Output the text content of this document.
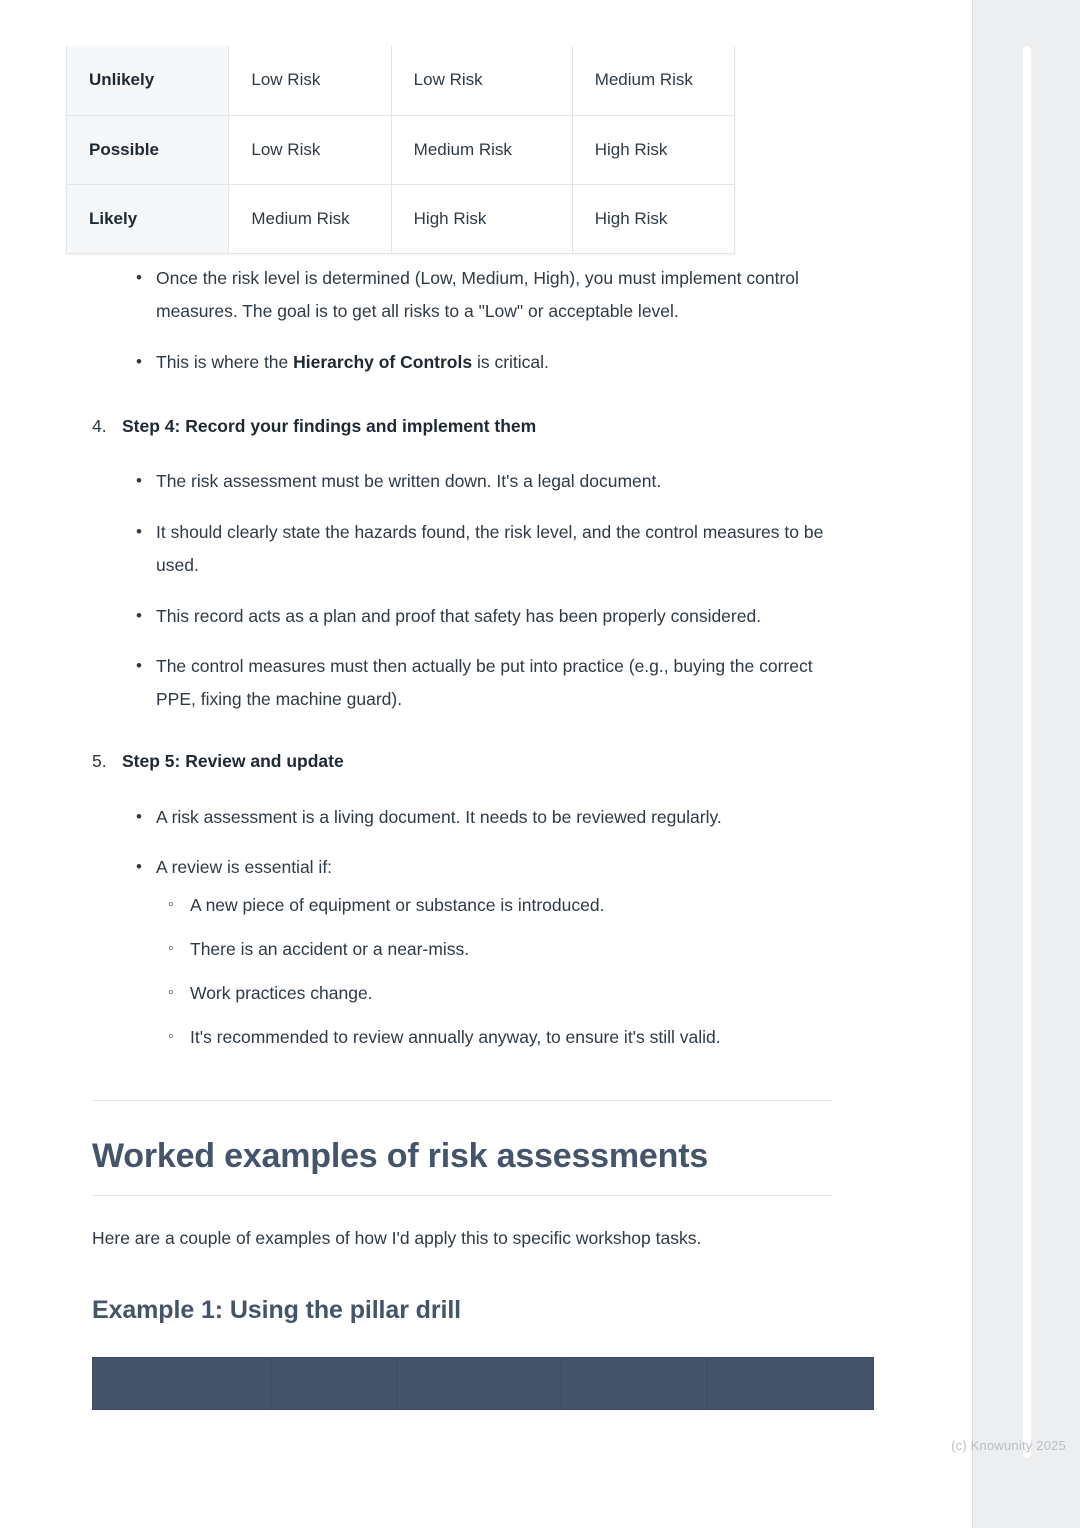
Unlikely	Low Risk	Low Risk	Medium Risk
Possible	Low Risk	Medium Risk	High Risk
Likely	Medium Risk	High Risk	High Risk
• Once the risk level is determined (Low, Medium, High), you must implement control measures. The goal is to get all risks to a "Low" or acceptable level.
• This is where the Hierarchy of Controls is critical.
4. Step 4: Record your findings and implement them
• The risk assessment must be written down. It's a legal document.
• It should clearly state the hazards found, the risk level, and the control measures to be used.
• This record acts as a plan and proof that safety has been properly considered.
• The control measures must then actually be put into practice (e.g., buying the correct PPE, fixing the machine guard).
5. Step 5: Review and update
• A risk assessment is a living document. It needs to be reviewed regularly.
• A review is essential if:
◦ A new piece of equipment or substance is introduced.
◦ There is an accident or a near-miss.
◦ Work practices change.
◦ It's recommended to review annually anyway, to ensure it's still valid.
Worked examples of risk assessments

Here are a couple of examples of how I'd apply this to specific workshop tasks.

Example 1: Using the pillar drill

(c) Knowunity 2025
